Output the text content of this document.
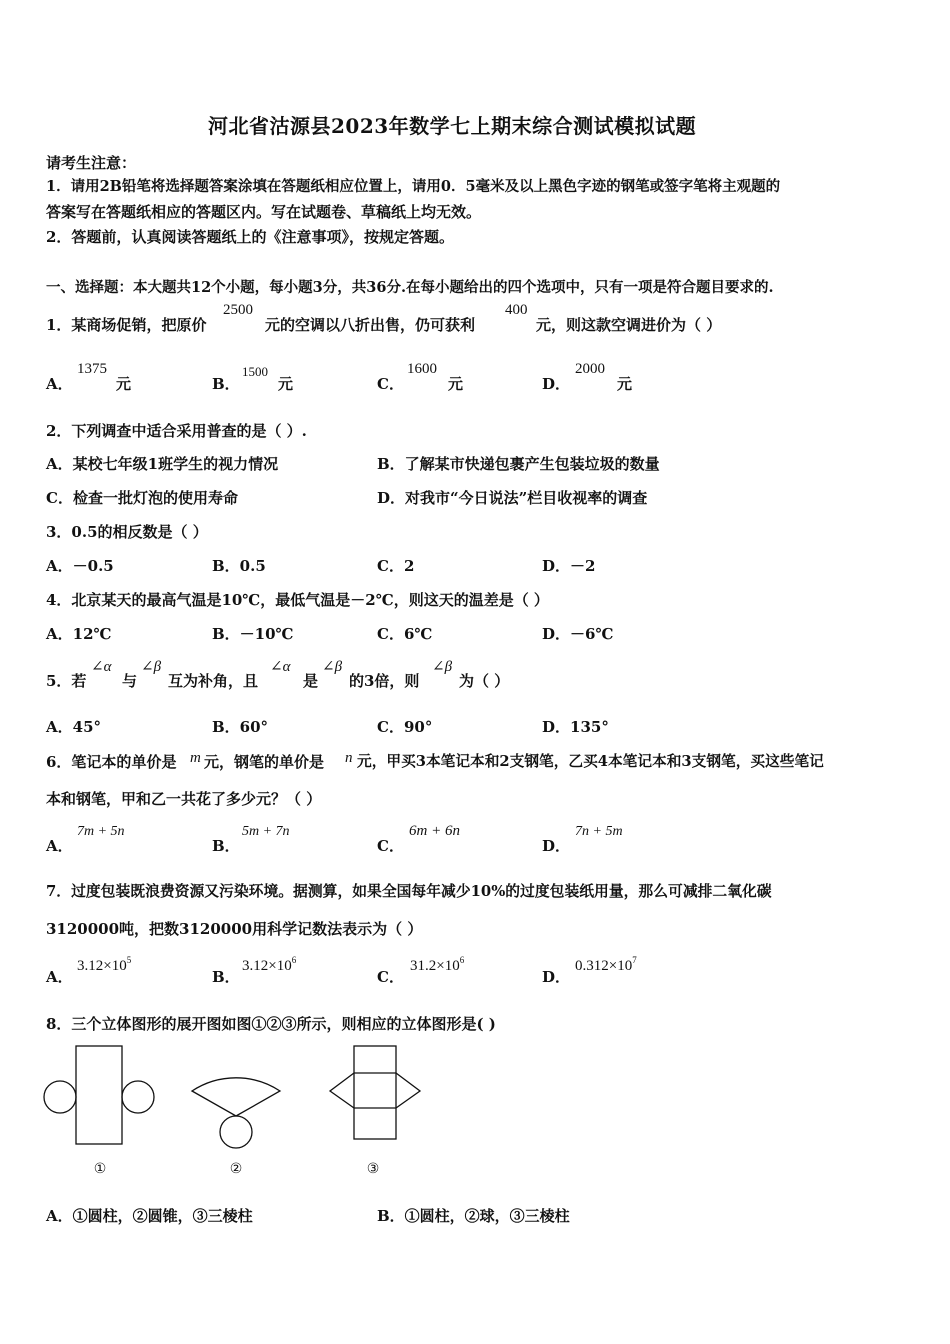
河北省沽源县2023年数学七上期末综合测试模拟试题
请考生注意：
1．请用2B铅笔将选择题答案涂填在答题纸相应位置上，请用0．5毫米及以上黑色字迹的钢笔或签字笔将主观题的
答案写在答题纸相应的答题区内。写在试题卷、草稿纸上均无效。
2．答题前，认真阅读答题纸上的《注意事项》，按规定答题。
一、选择题：本大题共12个小题，每小题3分，共36分.在每小题给出的四个选项中，只有一项是符合题目要求的.
1．某商场促销，把原价
2500
元的空调以八折出售，仍可获利
400
元，则这款空调进价为（ ）
A．
1375
元	B．
1500
元	C．
1600
元	D．
2000
元
2．下列调查中适合采用普查的是（ ）.
A．某校七年级1班学生的视力情况	B．了解某市快递包裹产生包装垃圾的数量
C．检查一批灯泡的使用寿命	D．对我市“今日说法”栏目收视率的调查
3．0.5的相反数是（ ）
A．－0.5	B．0.5	C．2	D．－2
4．北京某天的最高气温是10℃，最低气温是－2℃，则这天的温差是（ ）
A．12℃	B．－10℃	C．6℃	D．－6℃
5．若
∠α
与
∠β
互为补角，且
∠α
是
∠β
的3倍，则
∠β
为（ ）
A．45°	B．60°	C．90°	D．135°
6．笔记本的单价是 m 元，钢笔的单价是 n 元，甲买3本笔记本和2支钢笔，乙买4本笔记本和3支钢笔，买这些笔记
本和钢笔，甲和乙一共花了多少元？（ ）
A．
7m + 5n
B．
5m + 7n
C．
6m + 6n
D．
7n + 5m
7．过度包装既浪费资源又污染环境。据测算，如果全国每年减少10%的过度包装纸用量，那么可减排二氧化碳
3120000吨，把数3120000用科学记数法表示为（ ）
A．
$3.12\times 10^5$
B．
$3.12\times 10^6$
C．
$31.2\times 10^6$
D．
$0.312\times 10^7$
8．三个立体图形的展开图如图①②③所示，则相应的立体图形是( )
①	②	③
A．①圆柱，②圆锥，③三棱柱	B．①圆柱，②球，③三棱柱
